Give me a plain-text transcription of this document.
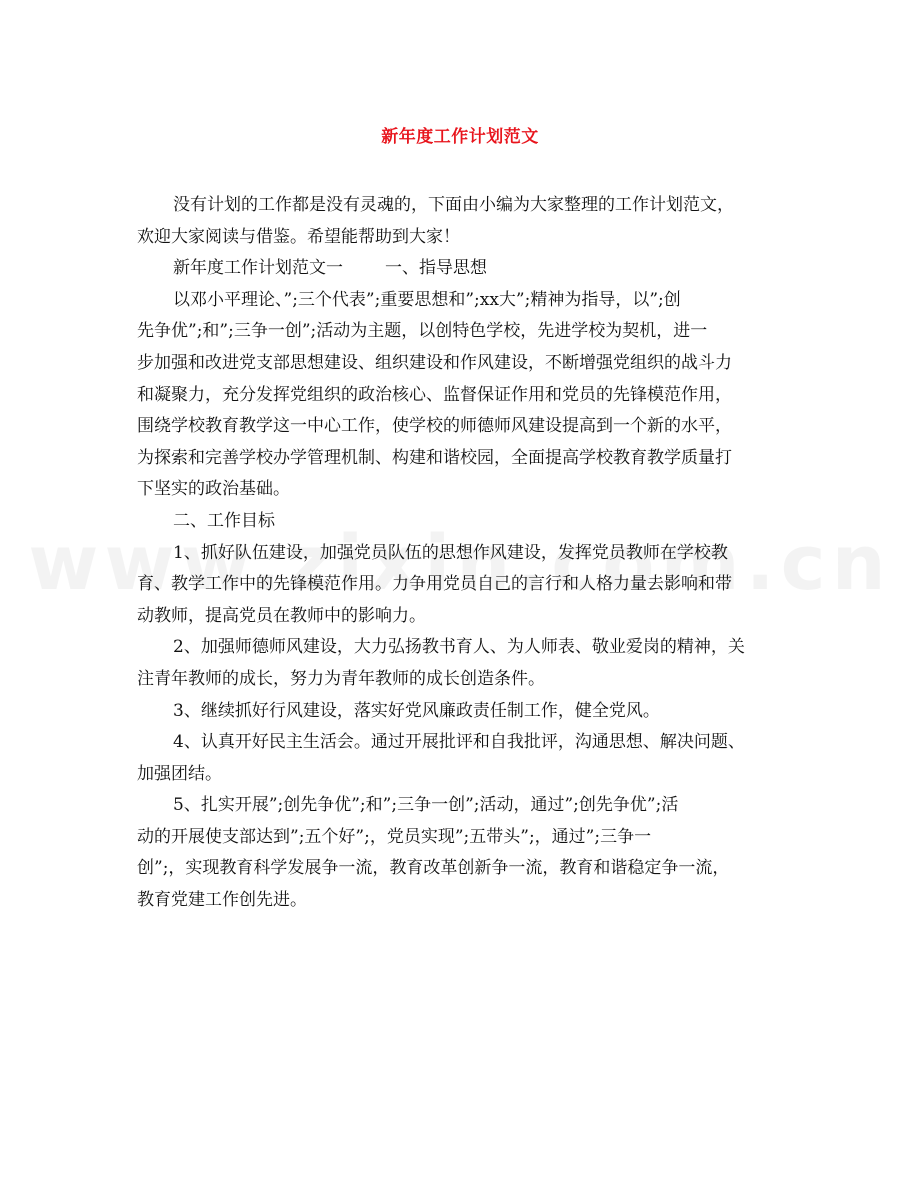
新年度工作计划范文
没有计划的工作都是没有灵魂的，下面由小编为大家整理的工作计划范文，
欢迎大家阅读与借鉴。希望能帮助到大家！
新年度工作计划范文一 一、指导思想
以邓小平理论、”;三个代表”;重要思想和”;xx大”;精神为指导，以”;创
先争优”;和”;三争一创”;活动为主题，以创特色学校，先进学校为契机，进一
步加强和改进党支部思想建设、组织建设和作风建设，不断增强党组织的战斗力
和凝聚力，充分发挥党组织的政治核心、监督保证作用和党员的先锋模范作用，
围绕学校教育教学这一中心工作，使学校的师德师风建设提高到一个新的水平，
为探索和完善学校办学管理机制、构建和谐校园，全面提高学校教育教学质量打
下坚实的政治基础。
二、工作目标
1、抓好队伍建设，加强党员队伍的思想作风建设，发挥党员教师在学校教
育、教学工作中的先锋模范作用。力争用党员自己的言行和人格力量去影响和带
动教师，提高党员在教师中的影响力。
2、加强师德师风建设，大力弘扬教书育人、为人师表、敬业爱岗的精神，关
注青年教师的成长，努力为青年教师的成长创造条件。
3、继续抓好行风建设，落实好党风廉政责任制工作，健全党风。
4、认真开好民主生活会。通过开展批评和自我批评，沟通思想、解决问题、
加强团结。
5、扎实开展”;创先争优”;和”;三争一创”;活动，通过”;创先争优”;活
动的开展使支部达到”;五个好”;，党员实现”;五带头”;，通过”;三争一
创”;，实现教育科学发展争一流，教育改革创新争一流，教育和谐稳定争一流，
教育党建工作创先进。
